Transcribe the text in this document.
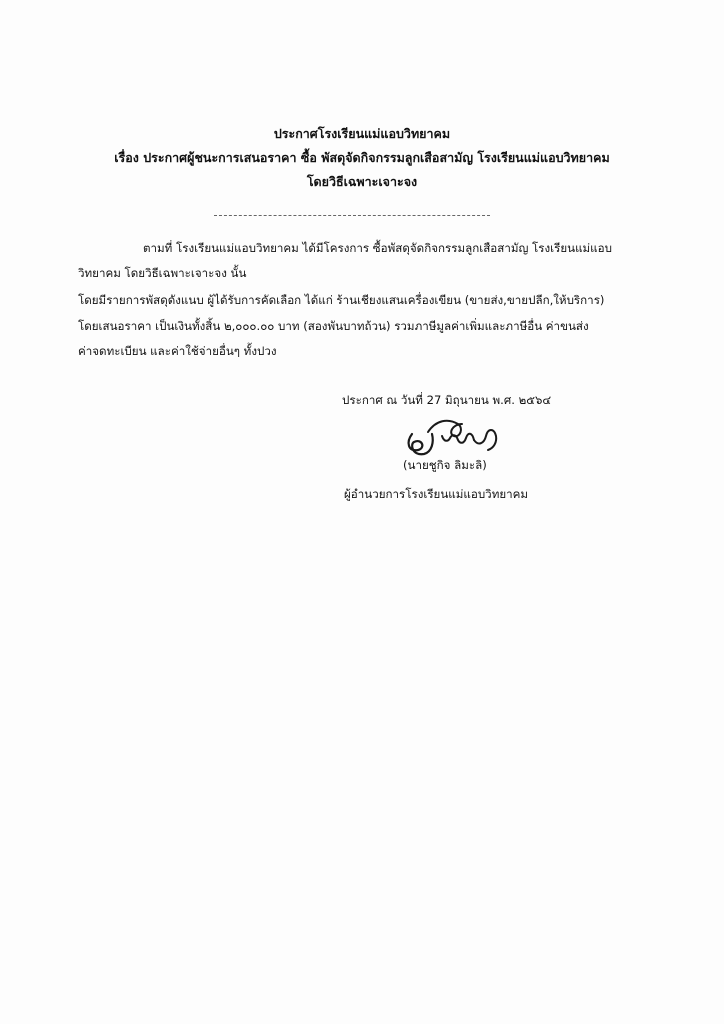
ประกาศโรงเรียนแม่แอบวิทยาคม
เรื่อง ประกาศผู้ชนะการเสนอราคา ซื้อ พัสดุจัดกิจกรรมลูกเสือสามัญ โรงเรียนแม่แอบวิทยาคม
โดยวิธีเฉพาะเจาะจง
ตามที่ โรงเรียนแม่แอบวิทยาคม ได้มีโครงการ ซื้อพัสดุจัดกิจกรรมลูกเสือสามัญ โรงเรียนแม่แอบ
วิทยาคม โดยวิธีเฉพาะเจาะจง นั้น
โดยมีรายการพัสดุดังแนบ ผู้ได้รับการคัดเลือก ได้แก่ ร้านเชียงแสนเครื่องเขียน (ขายส่ง,ขายปลีก,ให้บริการ)
โดยเสนอราคา เป็นเงินทั้งสิ้น ๒,๐๐๐.๐๐ บาท (สองพันบาทถ้วน) รวมภาษีมูลค่าเพิ่มและภาษีอื่น ค่าขนส่ง
ค่าจดทะเบียน และค่าใช้จ่ายอื่นๆ ทั้งปวง
ประกาศ ณ วันที่ 27 มิถุนายน พ.ศ. ๒๕๖๔
(นายชูกิจ ลิมะลิ)
ผู้อำนวยการโรงเรียนแม่แอบวิทยาคม
